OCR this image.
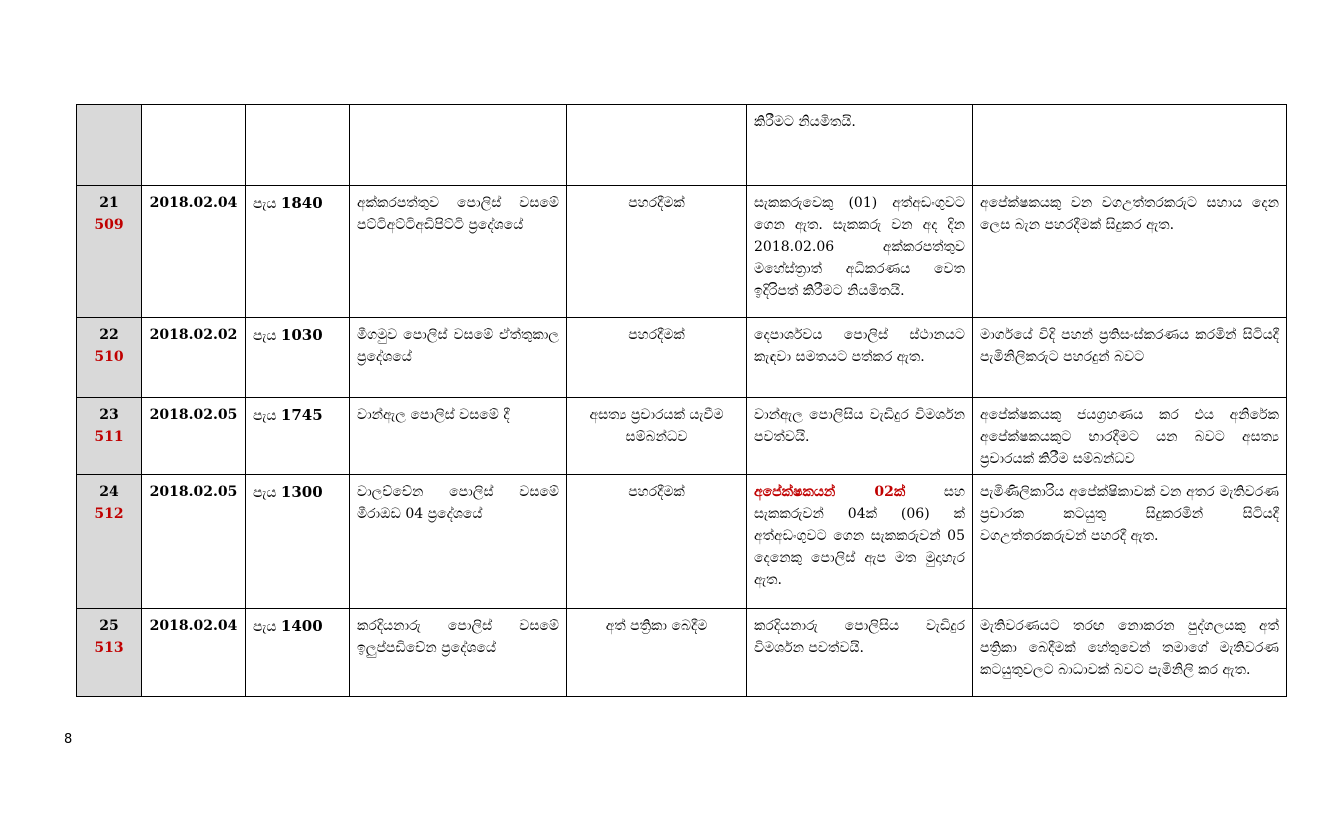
					කිරීමට නියමිතයි.	

21
509	2018.02.04	පැය 1840	අක්කරපත්තුව පොලිස් වසමේ පට්ටිඅට්ටිඅඩිපිට්ටි ප්‍රදේශයේ	පහරදීමක්	සැකකරුවෙකු (01) අත්අඩංගුවට ගෙන ඇත. සැකකරු වන අද දින 2018.02.06 අක්කරපත්තුව මහේස්ත්‍රාත් අධිකරණය වෙත ඉදිරිපත් කිරීමට නියමිතයි.	අපේක්ෂකයකු වන වගඋත්තරකරුට සහාය දෙන ලෙස බැන පහරදීමක් සිදුකර ඇත.

22
510	2018.02.02	පැය 1030	මීගමුව පොලිස් වසමේ ඒත්තුකාල ප්‍රදේශයේ	පහරදීමක්	දෙපාර්ශවය පොලිස් ස්ථානයට කැඳවා සමතයට පත්කර ඇත.	මාර්ගයේ විදි පහන් ප්‍රතිසංස්කරණය කරමින් සිටියදී පැමිනිලිකරුට පහරදුන් බවට

23
511	2018.02.05	පැය 1745	වාන්ඇල පොලිස් වසමේ දී	අසත්‍ය ප්‍රචාරයක් යැවීම සම්බන්ධව	වාන්ඇල පොලිසිය වැඩිදුර විමර්ශන පවත්වයි.	අපේක්ෂකයකු ජයග්‍රහණය කර එය අනිරේක අපේක්ෂකයකුට භාරදීමට යන බවට අසත්‍ය ප්‍රචාරයක් කිරීම සම්බන්ධව

24
512	2018.02.05	පැය 1300	වාලච්චේන පොලිස් වසමේ මීරාඔඩ 04 ප්‍රදේශයේ	පහරදීමක්	අපේක්ෂකයන් 02ක් සහ සැකකරුවන් 04ක් (06) ක් අත්අඩංගුවට ගෙන සැකකරුවන් 05 දෙනෙකු පොලිස් ඇප මත මුදාහැර ඇත.	පැමිණිලිකාරිය අපේක්ෂිකාවක් වන අතර මැතිවරණ ප්‍රචාරක කටයුතු සිදුකරමින් සිටියදී වගඋත්තරකරුවන් පහරදී ඇත.

25
513	2018.02.04	පැය 1400	කරදියනාරු පොලිස් වසමේ ඉලුප්පඩිචේන ප්‍රදේශයේ	අත් පත්‍රිකා බෙදීම	කරදියනාරු පොලිසිය වැඩිදුර විමර්ශන පවත්වයි.	මැතිවරණයට තරඟ නොකරන පුද්ගලයකු අත් පත්‍රිකා බෙදීමක් හේතුවෙන් තමාගේ මැතිවරණ කටයුතුවලට බාධාවක් බවට පැමිනිලි කර ඇත.
8
